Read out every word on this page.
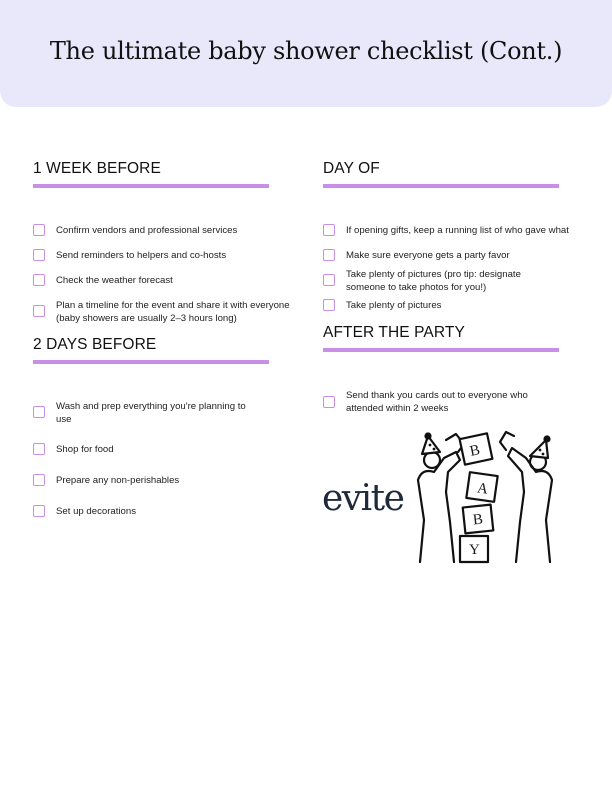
The ultimate baby shower checklist (Cont.)
1 WEEK BEFORE
Confirm vendors and professional services
Send reminders to helpers and co-hosts
Check the weather forecast
Plan a timeline for the event and share it with everyone (baby showers are usually 2–3 hours long)
2 DAYS BEFORE
Wash and prep everything you're planning to use
Shop for food
Prepare any non-perishables
Set up decorations
DAY OF
If opening gifts, keep a running list of who gave what
Make sure everyone gets a party favor
Take plenty of pictures (pro tip: designate someone to take photos for you!)
Take plenty of pictures
AFTER THE PARTY
Send thank you cards out to everyone who attended within 2 weeks
evite
B
A
B
Y
